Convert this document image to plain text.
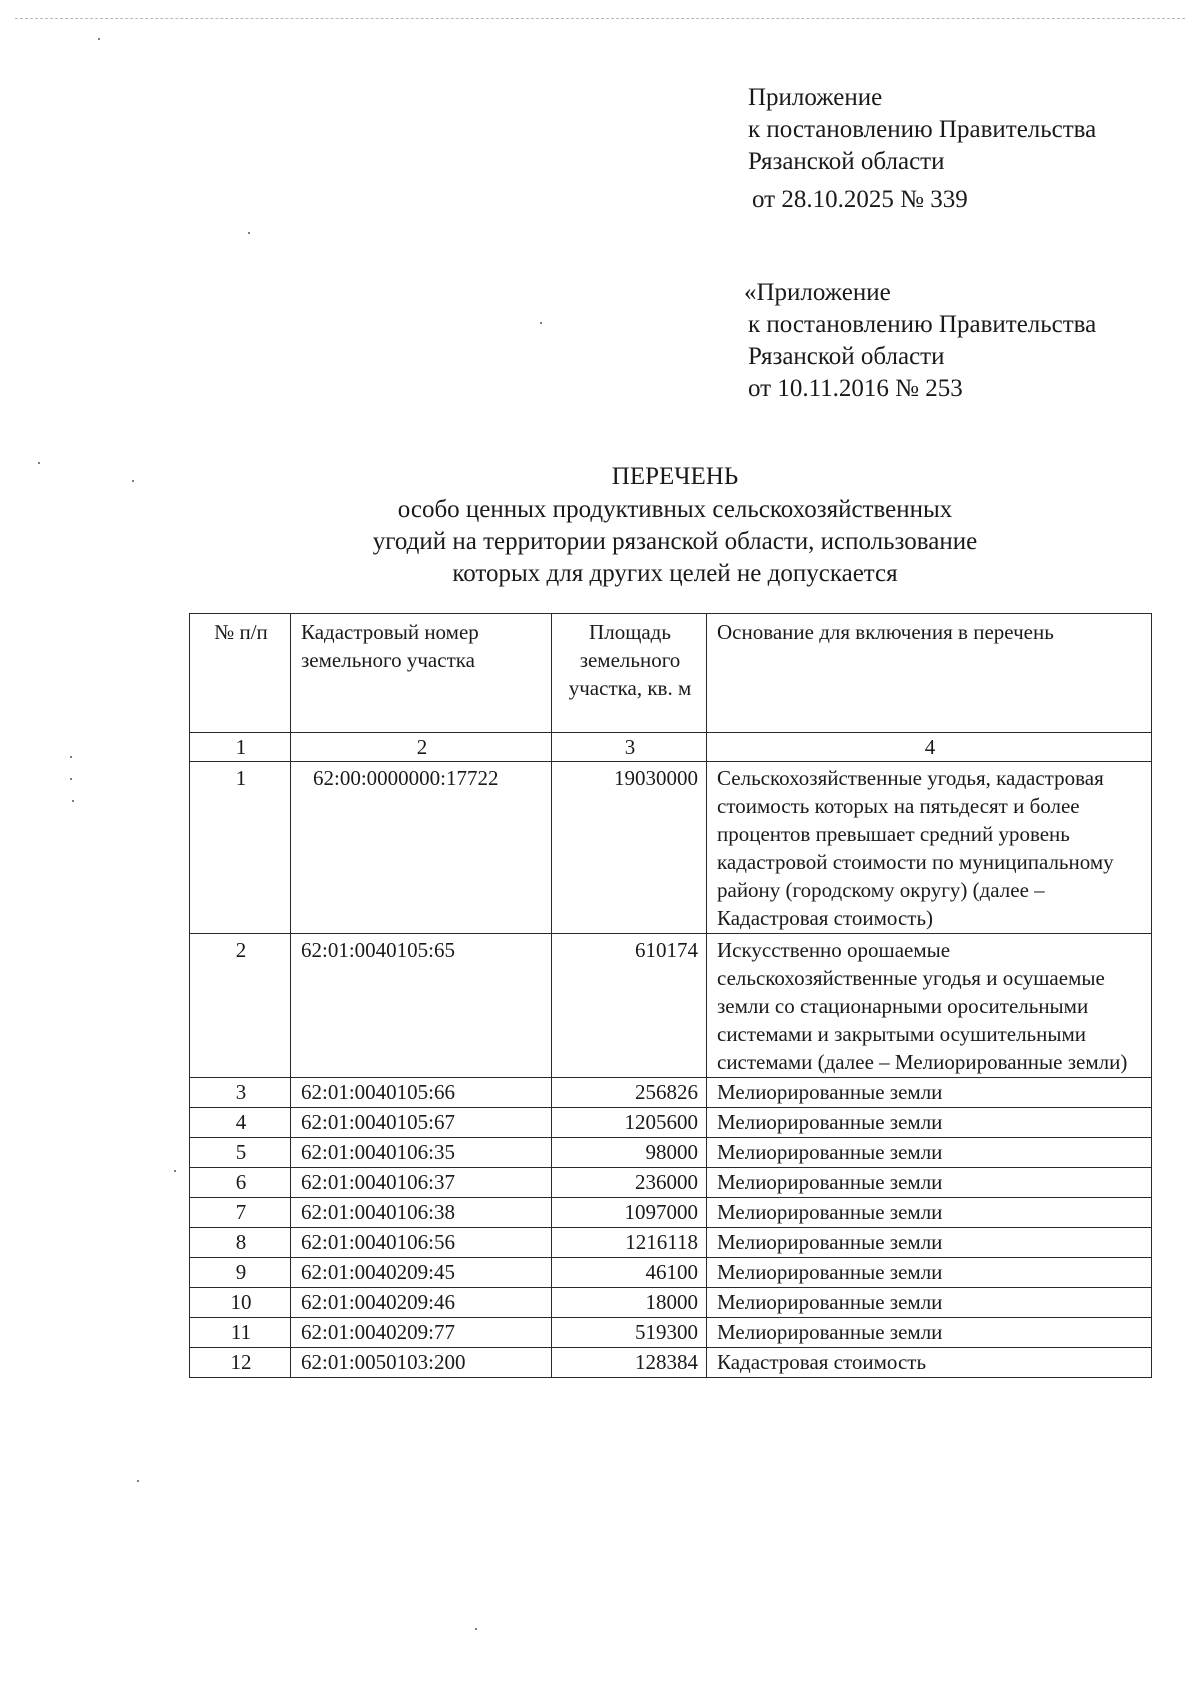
Приложение

к постановлению Правительства

Рязанской области

от 28.10.2025 № 339

«Приложение

к постановлению Правительства

Рязанской области

от 10.11.2016 № 253

ПЕРЕЧЕНЬ

особо ценных продуктивных сельскохозяйственных

угодий на территории рязанской области, использование

которых для других целей не допускается

№ п/п	Кадастровый номер земельного участка	Площадь земельного участка, кв. м	Основание для включения в перечень
1	2	3	4
1	62:00:0000000:17722	19030000	Сельскохозяйственные угодья, кадастровая стоимость которых на пятьдесят и более процентов превышает средний уровень кадастровой стоимости по муниципальному району (городскому округу) (далее – Кадастровая стоимость)
2	62:01:0040105:65	610174	Искусственно орошаемые сельскохозяйственные угодья и осушаемые земли со стационарными оросительными системами и закрытыми осушительными системами (далее – Мелиорированные земли)
3	62:01:0040105:66	256826	Мелиорированные земли
4	62:01:0040105:67	1205600	Мелиорированные земли
5	62:01:0040106:35	98000	Мелиорированные земли
6	62:01:0040106:37	236000	Мелиорированные земли
7	62:01:0040106:38	1097000	Мелиорированные земли
8	62:01:0040106:56	1216118	Мелиорированные земли
9	62:01:0040209:45	46100	Мелиорированные земли
10	62:01:0040209:46	18000	Мелиорированные земли
11	62:01:0040209:77	519300	Мелиорированные земли
12	62:01:0050103:200	128384	Кадастровая стоимость
